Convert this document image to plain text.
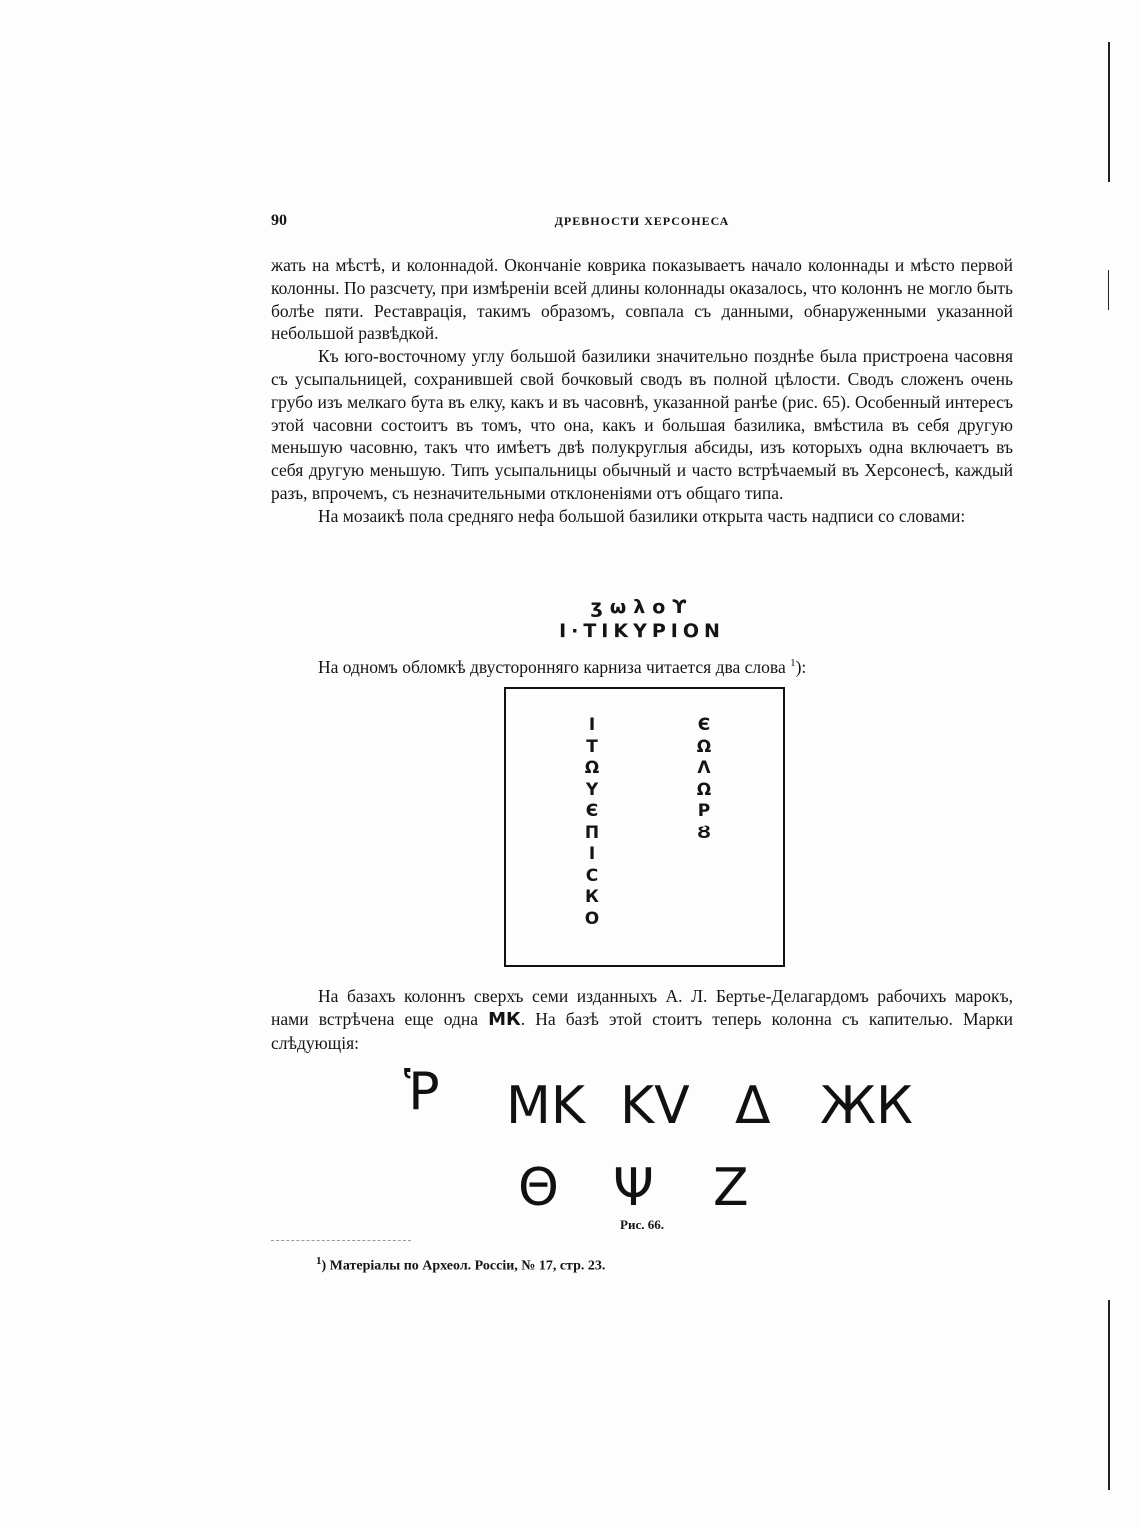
90	ДРЕВНОСТИ ХЕРСОНЕСА

жать на мѣстѣ, и колоннадой. Окончаніе коврика показываетъ начало колоннады и мѣсто первой колонны. По разсчету, при измѣреніи всей длины колоннады оказалось, что колоннъ не могло быть болѣе пяти. Реставрація, такимъ образомъ, совпала съ данными, обнаруженными указанной небольшой развѣдкой.

Къ юго-восточному углу большой базилики значительно позднѣе была пристроена часовня съ усыпальницей, сохранившей свой бочковый сводъ въ полной цѣлости. Сводъ сложенъ очень грубо изъ мелкаго бута въ елку, какъ и въ часовнѣ, указанной ранѣе (рис. 65). Особенный интересъ этой часовни состоитъ въ томъ, что она, какъ и большая базилика, вмѣстила въ себя другую меньшую часовню, такъ что имѣетъ двѣ полукруглыя абсиды, изъ которыхъ одна включаетъ въ себя другую меньшую. Типъ усыпальницы обычный и часто встрѣчаемый въ Херсонесѣ, каждый разъ, впрочемъ, съ незначительными отклоненіями отъ общаго типа.

На мозаикѣ пола средняго нефа большой базилики открыта часть надписи со словами:

ʒωλοϒ
Ι·ΤΙΚΥΡΙΟΝ

На одномъ обломкѣ двусторонняго карниза читается два слова $^1$):

Ι
Τ
Ω
Υ
Є
Π
Ι
С
К
О
Є
Ω
Λ
Ω
Ρ
Ȣ

На базахъ колоннъ сверхъ семи изданныхъ А. Л. Бертье-Делагардомъ рабочихъ марокъ, нами встрѣчена еще одна МК. На базѣ этой стоитъ теперь колонна съ капителью. Марки слѣдующія:

Ῥ MK KV Δ ЖК
Θ Ψ Z
Рис. 66.
$^1$) Матеріалы по Археол. Россіи, № 17, стр. 23.
